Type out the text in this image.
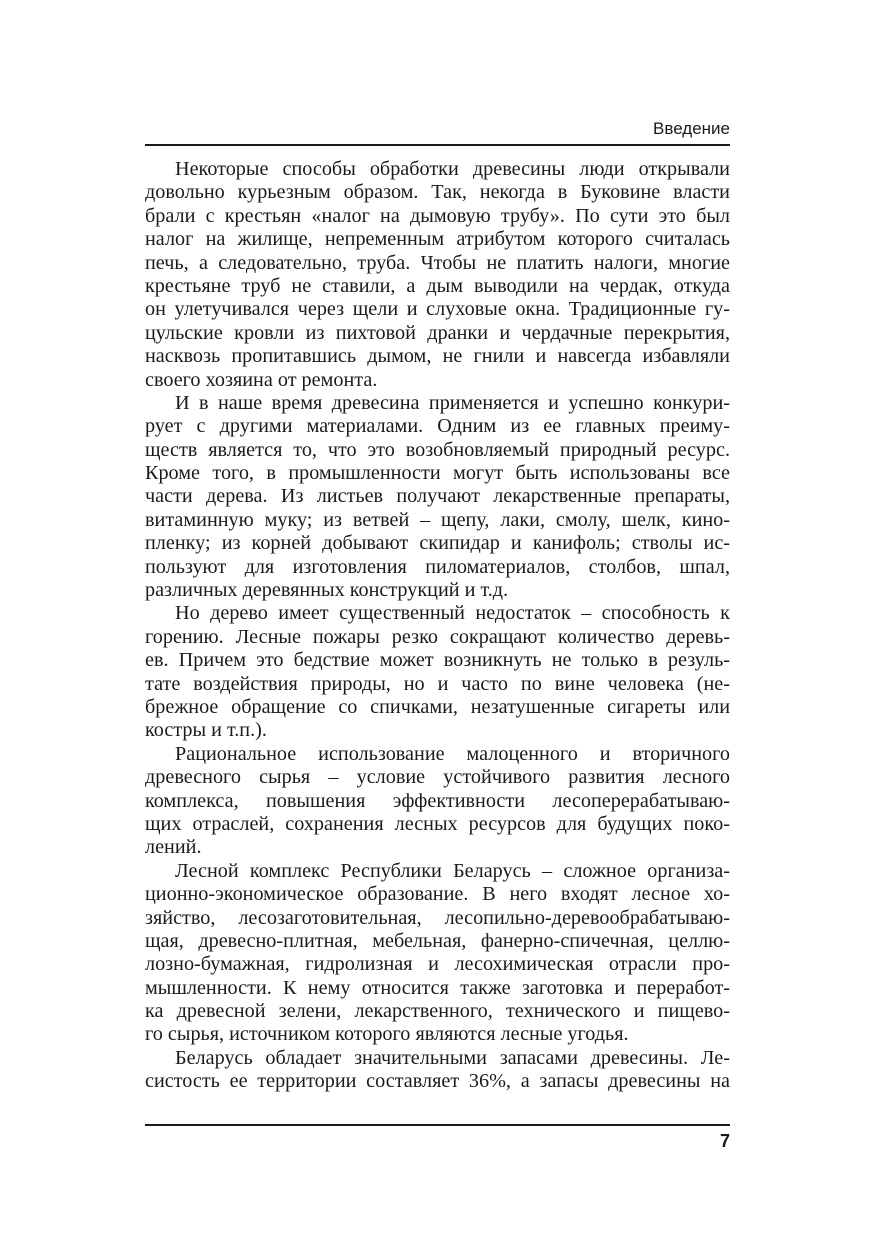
Введение
Некоторые способы обработки древесины люди открывали
довольно курьезным образом. Так, некогда в Буковине власти
брали с крестьян «налог на дымовую трубу». По сути это был
налог на жилище, непременным атрибутом которого считалась
печь, а следовательно, труба. Чтобы не платить налоги, многие
крестьяне труб не ставили, а дым выводили на чердак, откуда
он улетучивался через щели и слуховые окна. Традиционные гу-
цульские кровли из пихтовой дранки и чердачные перекрытия,
насквозь пропитавшись дымом, не гнили и навсегда избавляли
своего хозяина от ремонта.
И в наше время древесина применяется и успешно конкури-
рует с другими материалами. Одним из ее главных преиму-
ществ является то, что это возобновляемый природный ресурс.
Кроме того, в промышленности могут быть использованы все
части дерева. Из листьев получают лекарственные препараты,
витаминную муку; из ветвей – щепу, лаки, смолу, шелк, кино-
пленку; из корней добывают скипидар и канифоль; стволы ис-
пользуют для изготовления пиломатериалов, столбов, шпал,
различных деревянных конструкций и т.д.
Но дерево имеет существенный недостаток – способность к
горению. Лесные пожары резко сокращают количество деревь-
ев. Причем это бедствие может возникнуть не только в резуль-
тате воздействия природы, но и часто по вине человека (не-
брежное обращение со спичками, незатушенные сигареты или
костры и т.п.).
Рациональное использование малоценного и вторичного
древесного сырья – условие устойчивого развития лесного
комплекса, повышения эффективности лесоперерабатываю-
щих отраслей, сохранения лесных ресурсов для будущих поко-
лений.
Лесной комплекс Республики Беларусь – сложное организа-
ционно-экономическое образование. В него входят лесное хо-
зяйство, лесозаготовительная, лесопильно-деревообрабатываю-
щая, древесно-плитная, мебельная, фанерно-спичечная, целлю-
лозно-бумажная, гидролизная и лесохимическая отрасли про-
мышленности. К нему относится также заготовка и переработ-
ка древесной зелени, лекарственного, технического и пищево-
го сырья, источником которого являются лесные угодья.
Беларусь обладает значительными запасами древесины. Ле-
систость ее территории составляет 36%, а запасы древесины на
7
